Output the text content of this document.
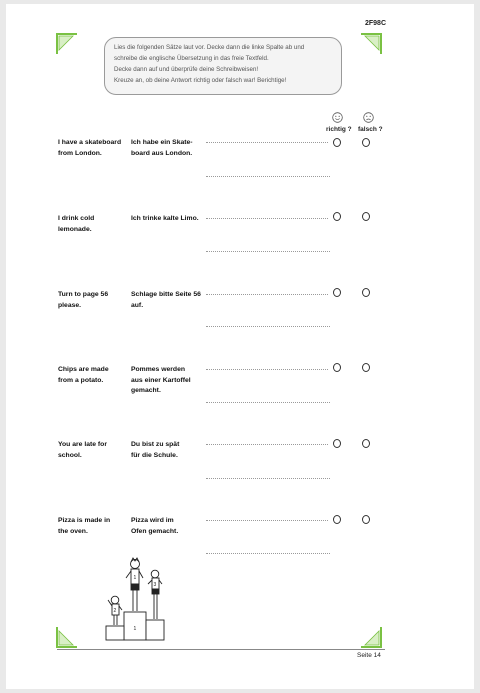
2F98C

Lies die folgenden Sätze laut vor. Decke dann die linke Spalte ab und

schreibe die englische Übersetzung in das freie Textfeld.

Decke dann auf und überprüfe deine Schreibweisen!

Kreuze an, ob deine Antwort richtig oder falsch war! Berichtige!

richtig ? falsch ?
I have a skateboard
from London.
Ich habe ein Skate-
board aus London.
I drink cold
lemonade.
Ich trinke kalte Limo.
Turn to page 56
please.
Schlage bitte Seite 56
auf.
Chips are made
from a potato.
Pommes werden
aus einer Kartoffel
gemacht.
You are late for
school.
Du bist zu spät
für die Schule.
Pizza is made in
the oven.
Pizza wird im
Ofen gemacht.
1
2
3
1
Seite 14
